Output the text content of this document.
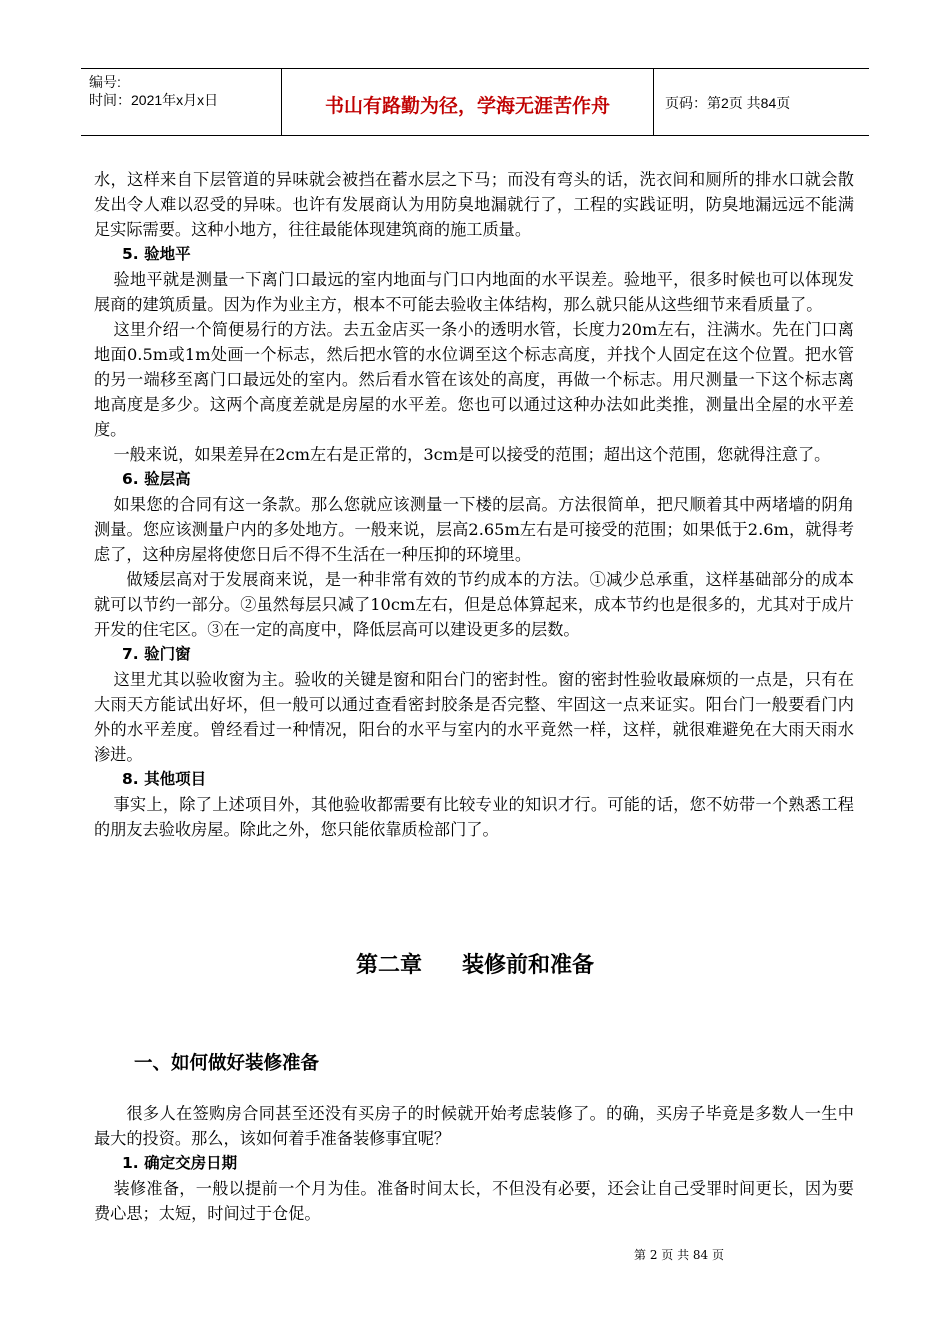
编号:
时间：2021年x月x日	书山有路勤为径，学海无涯苦作舟	页码：第2页 共84页

水，这样来自下层管道的异味就会被挡在蓄水层之下马；而没有弯头的话，洗衣间和厕所的排水口就会散发出令人难以忍受的异味。也许有发展商认为用防臭地漏就行了，工程的实践证明，防臭地漏远远不能满足实际需要。这种小地方，往往最能体现建筑商的施工质量。

5. 验地平

验地平就是测量一下离门口最远的室内地面与门口内地面的水平误差。验地平，很多时候也可以体现发展商的建筑质量。因为作为业主方，根本不可能去验收主体结构，那么就只能从这些细节来看质量了。

这里介绍一个简便易行的方法。去五金店买一条小的透明水管，长度力20m左右，注满水。先在门口离地面0.5m或1m处画一个标志，然后把水管的水位调至这个标志高度，并找个人固定在这个位置。把水管的另一端移至离门口最远处的室内。然后看水管在该处的高度，再做一个标志。用尺测量一下这个标志离地高度是多少。这两个高度差就是房屋的水平差。您也可以通过这种办法如此类推，测量出全屋的水平差度。

一般来说，如果差异在2cm左右是正常的，3cm是可以接受的范围；超出这个范围，您就得注意了。

6. 验层高

如果您的合同有这一条款。那么您就应该测量一下楼的层高。方法很简单，把尺顺着其中两堵墙的阴角测量。您应该测量户内的多处地方。一般来说，层高2.65m左右是可接受的范围；如果低于2.6m，就得考虑了，这种房屋将使您日后不得不生活在一种压抑的环境里。

做矮层高对于发展商来说，是一种非常有效的节约成本的方法。①减少总承重，这样基础部分的成本就可以节约一部分。②虽然每层只减了10cm左右，但是总体算起来，成本节约也是很多的，尤其对于成片开发的住宅区。③在一定的高度中，降低层高可以建设更多的层数。

7. 验门窗

这里尤其以验收窗为主。验收的关键是窗和阳台门的密封性。窗的密封性验收最麻烦的一点是，只有在大雨天方能试出好坏，但一般可以通过查看密封胶条是否完整、牢固这一点来证实。阳台门一般要看门内外的水平差度。曾经看过一种情况，阳台的水平与室内的水平竟然一样，这样，就很难避免在大雨天雨水渗进。

8. 其他项目

事实上，除了上述项目外，其他验收都需要有比较专业的知识才行。可能的话，您不妨带一个熟悉工程的朋友去验收房屋。除此之外，您只能依靠质检部门了。

第二章 装修前和准备
一、如何做好装修准备

很多人在签购房合同甚至还没有买房子的时候就开始考虑装修了。的确，买房子毕竟是多数人一生中最大的投资。那么，该如何着手准备装修事宜呢？

1. 确定交房日期

装修准备，一般以提前一个月为佳。准备时间太长，不但没有必要，还会让自己受罪时间更长，因为要费心思；太短，时间过于仓促。

第 2 页 共 84 页
